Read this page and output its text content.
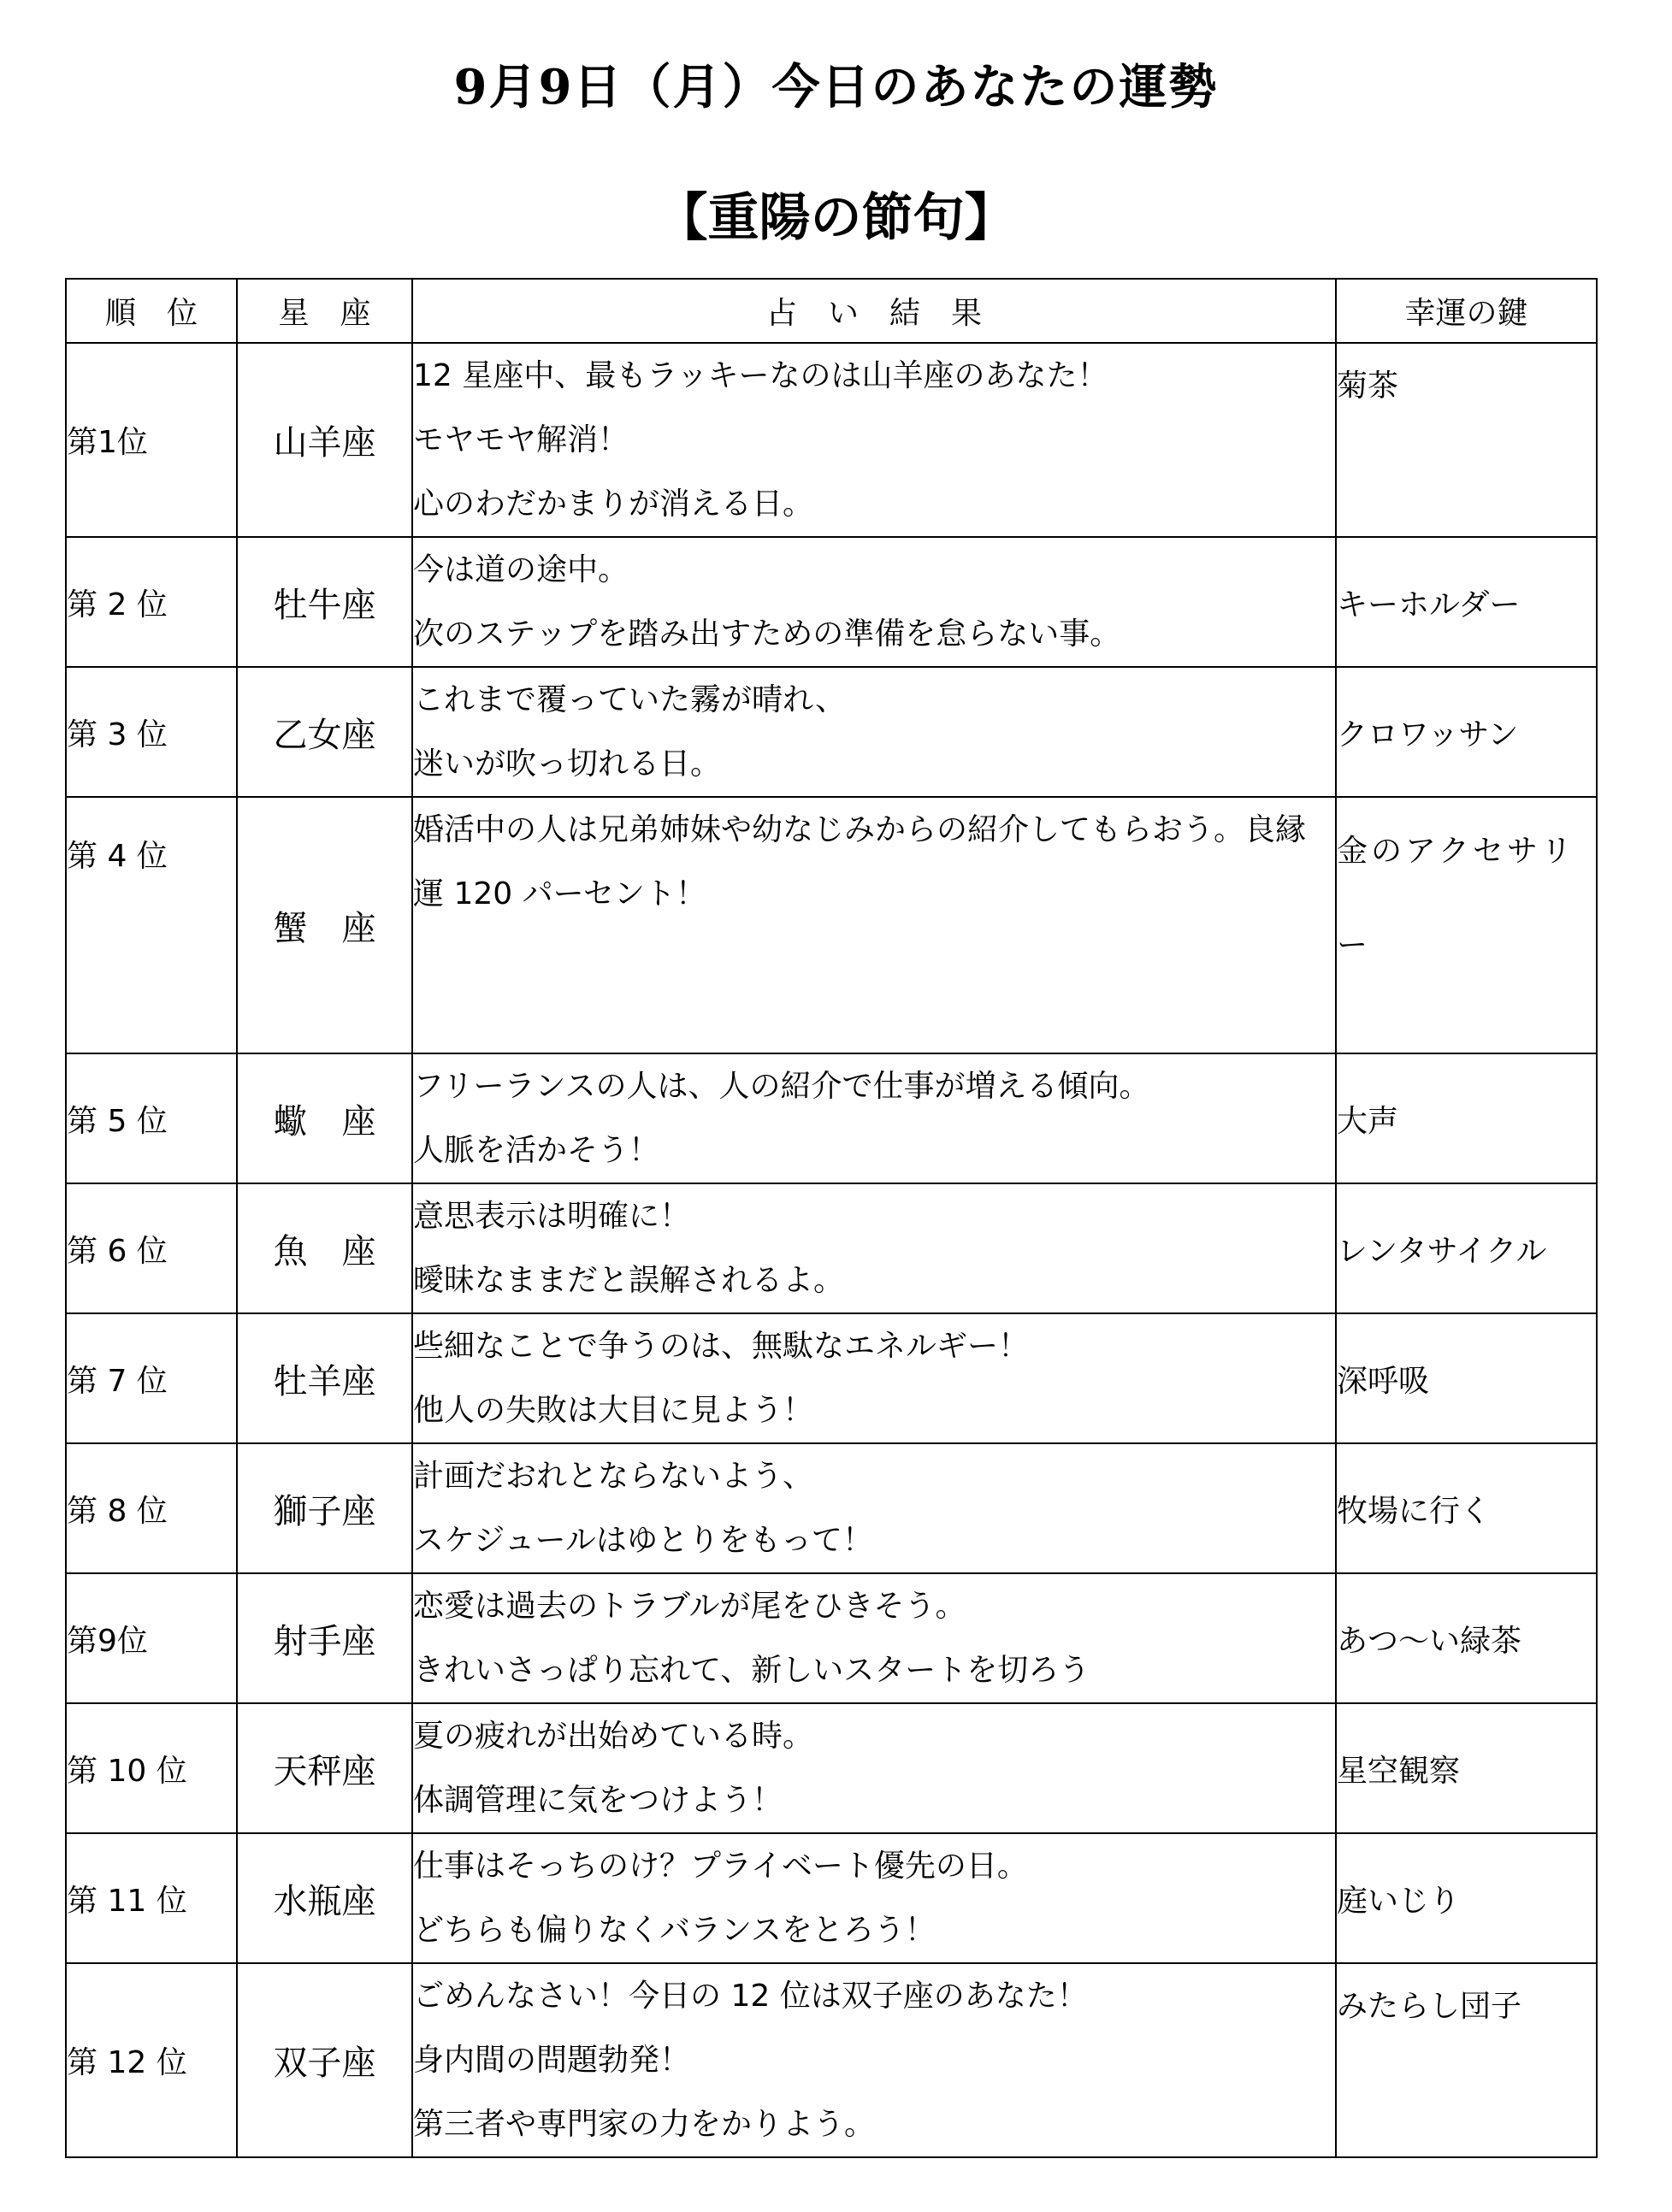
9月9日（月）今日のあなたの運勢
【重陽の節句】
順　位	星　座	占　い　結　果	幸運の鍵
第1位	山羊座	12 星座中、最もラッキーなのは山羊座のあなた！
モヤモヤ解消！
心のわだかまりが消える日。	菊茶
第 2 位	牡牛座	今は道の途中。
次のステップを踏み出すための準備を怠らない事。	キーホルダー
第 3 位	乙女座	これまで覆っていた霧が晴れ、
迷いが吹っ切れる日。	クロワッサン
第 4 位	蟹　座	婚活中の人は兄弟姉妹や幼なじみからの紹介してもらおう。良縁運 120 パーセント！	金のアクセサリー
第 5 位	蠍　座	フリーランスの人は、人の紹介で仕事が増える傾向。
人脈を活かそう！	大声
第 6 位	魚　座	意思表示は明確に！
曖昧なままだと誤解されるよ。	レンタサイクル
第 7 位	牡羊座	些細なことで争うのは、無駄なエネルギー！
他人の失敗は大目に見よう！	深呼吸
第 8 位	獅子座	計画だおれとならないよう、
スケジュールはゆとりをもって！	牧場に行く
第9位	射手座	恋愛は過去のトラブルが尾をひきそう。
きれいさっぱり忘れて、新しいスタートを切ろう	あつ～い緑茶
第 10 位	天秤座	夏の疲れが出始めている時。
体調管理に気をつけよう！	星空観察
第 11 位	水瓶座	仕事はそっちのけ？プライベート優先の日。
どちらも偏りなくバランスをとろう！	庭いじり
第 12 位	双子座	ごめんなさい！今日の 12 位は双子座のあなた！
身内間の問題勃発！
第三者や専門家の力をかりよう。	みたらし団子
